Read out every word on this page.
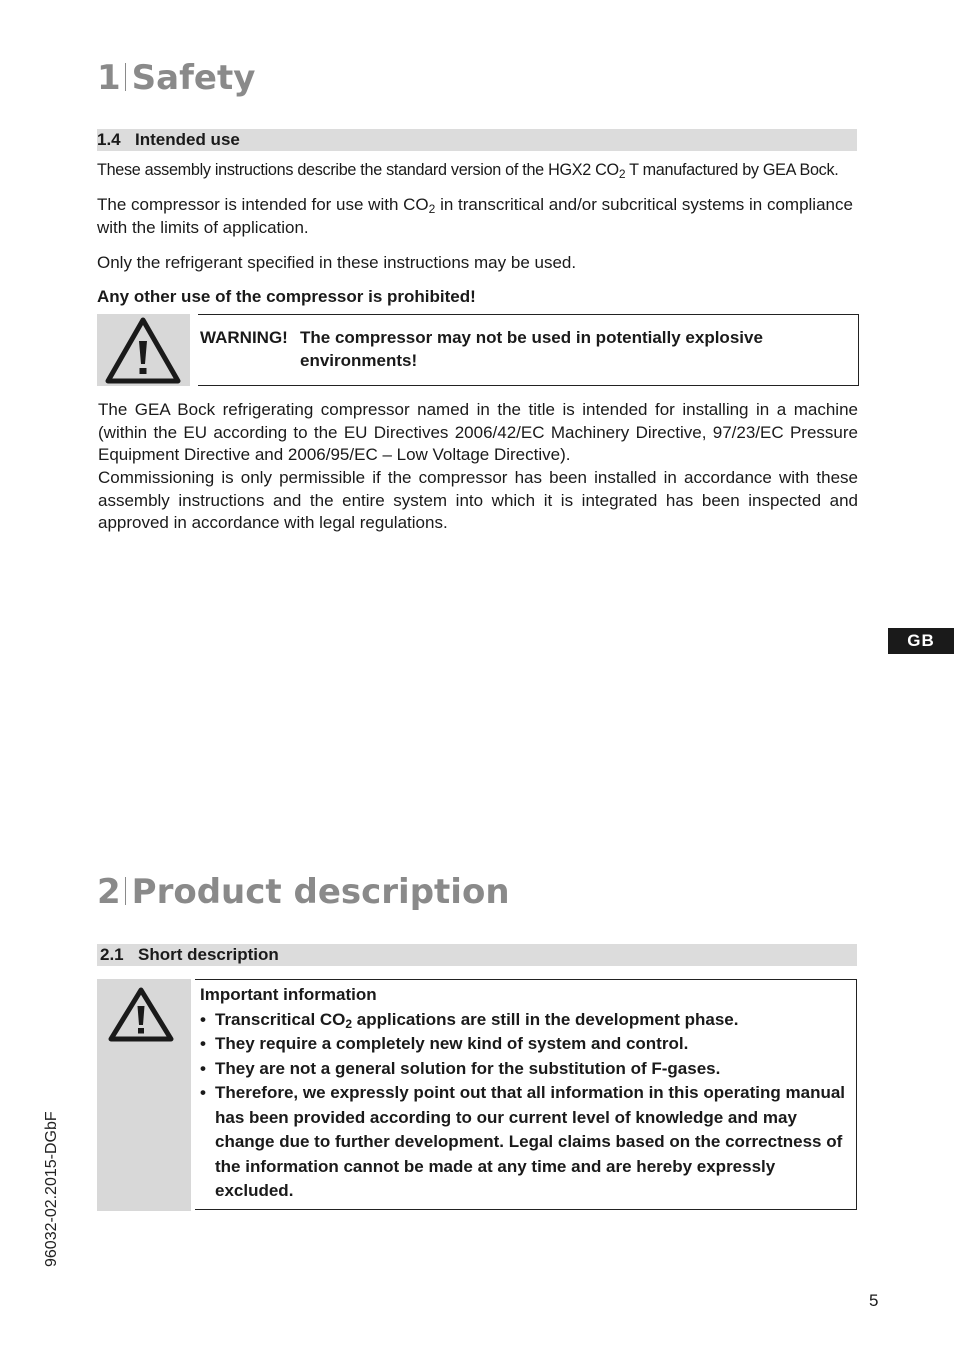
1 Safety
1.4 Intended use

These assembly instructions describe the standard version of the HGX2 $CO_2$ T manufactured by GEA Bock.

The compressor is intended for use with $CO_2$ in transcritical and/or subcritical systems in compliance with the limits of application.

Only the refrigerant specified in these instructions may be used.

Any other use of the compressor is prohibited!

WARNING! The compressor may not be used in potentially explosive environments!

The GEA Bock refrigerating compressor named in the title is intended for installing in a machine (within the EU according to the EU Directives 2006/42/EC Machinery Directive, 97/23/EC Pressure Equipment Directive and 2006/95/EC – Low Voltage Directive).

Commissioning is only permissible if the compressor has been installed in accordance with these assembly instructions and the entire system into which it is integrated has been inspected and approved in accordance with legal regulations.

GB
2 Product description
2.1 Short description
Important information
• Transcritical $CO_2$ applications are still in the development phase.
• They require a completely new kind of system and control.
• They are not a general solution for the substitution of F-gases.
• Therefore, we expressly point out that all information in this operating manual has been provided according to our current level of knowledge and may change due to further development. Legal claims based on the correctness of the information cannot be made at any time and are hereby expressly excluded.
96032-02.2015-DGbF
5
